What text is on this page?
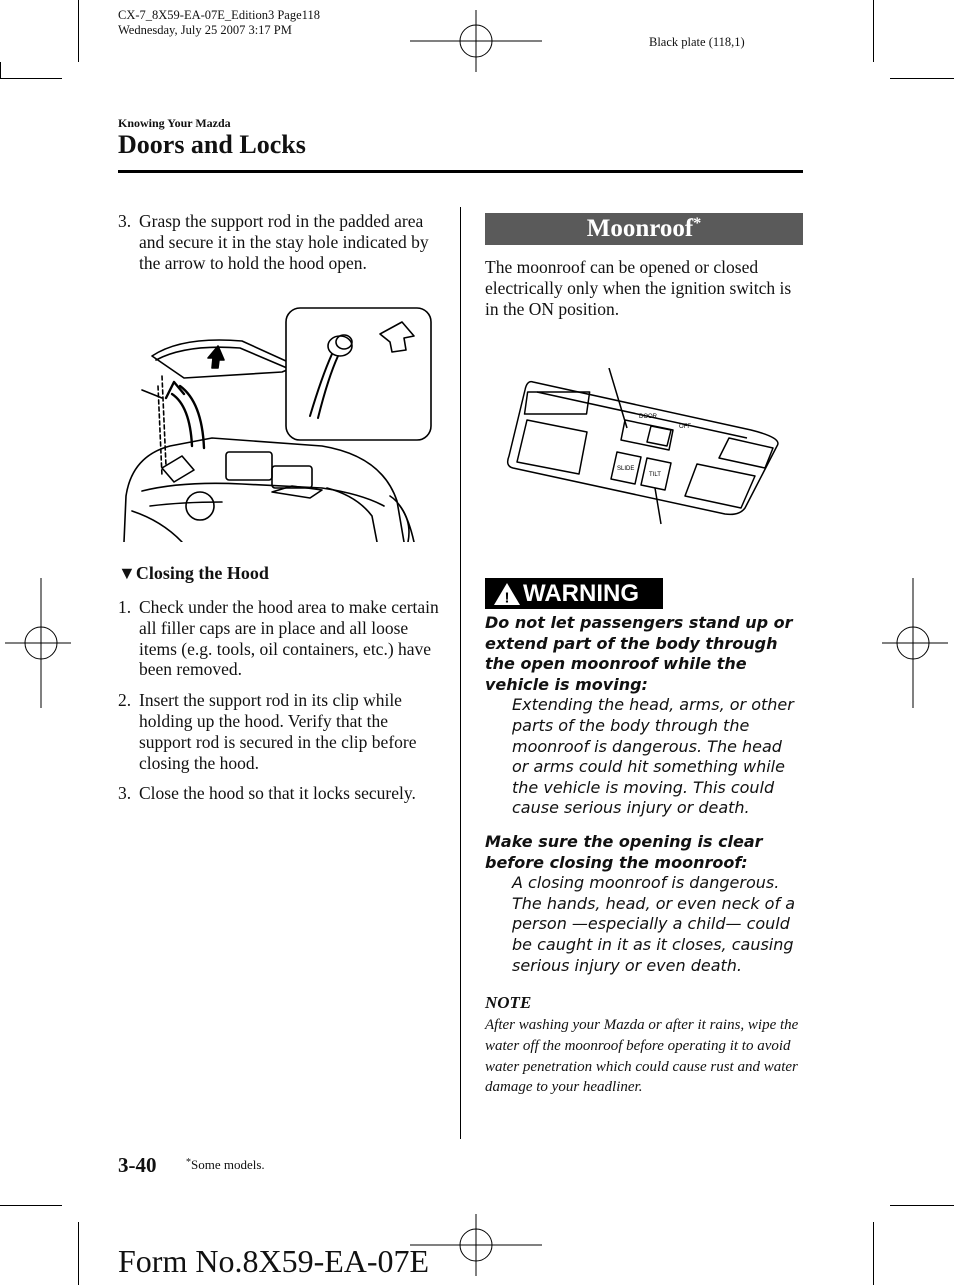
CX-7_8X59-EA-07E_Edition3 Page118
Wednesday, July 25 2007 3:17 PM
Black plate (118,1)
Knowing Your Mazda
Doors and Locks
3. Grasp the support rod in the padded area and secure it in the stay hole indicated by the arrow to hold the hood open.
▼Closing the Hood
1. Check under the hood area to make certain all filler caps are in place and all loose items (e.g. tools, oil containers, etc.) have been removed.
2. Insert the support rod in its clip while holding up the hood. Verify that the support rod is secured in the clip before closing the hood.
3. Close the hood so that it locks securely.
Moonroof*
The moonroof can be opened or closed electrically only when the ignition switch is in the ON position.
DOOR
OFF
SLIDE
TILT
! WARNING
Do not let passengers stand up or extend part of the body through the open moonroof while the vehicle is moving:
Extending the head, arms, or other parts of the body through the moonroof is dangerous. The head or arms could hit something while the vehicle is moving. This could cause serious injury or death.
Make sure the opening is clear before closing the moonroof:
A closing moonroof is dangerous. The hands, head, or even neck of a person —especially a child— could be caught in it as it closes, causing serious injury or even death.
NOTE
After washing your Mazda or after it rains, wipe the water off the moonroof before operating it to avoid water penetration which could cause rust and water damage to your headliner.
3-40	*Some models.
Form No.8X59-EA-07E
